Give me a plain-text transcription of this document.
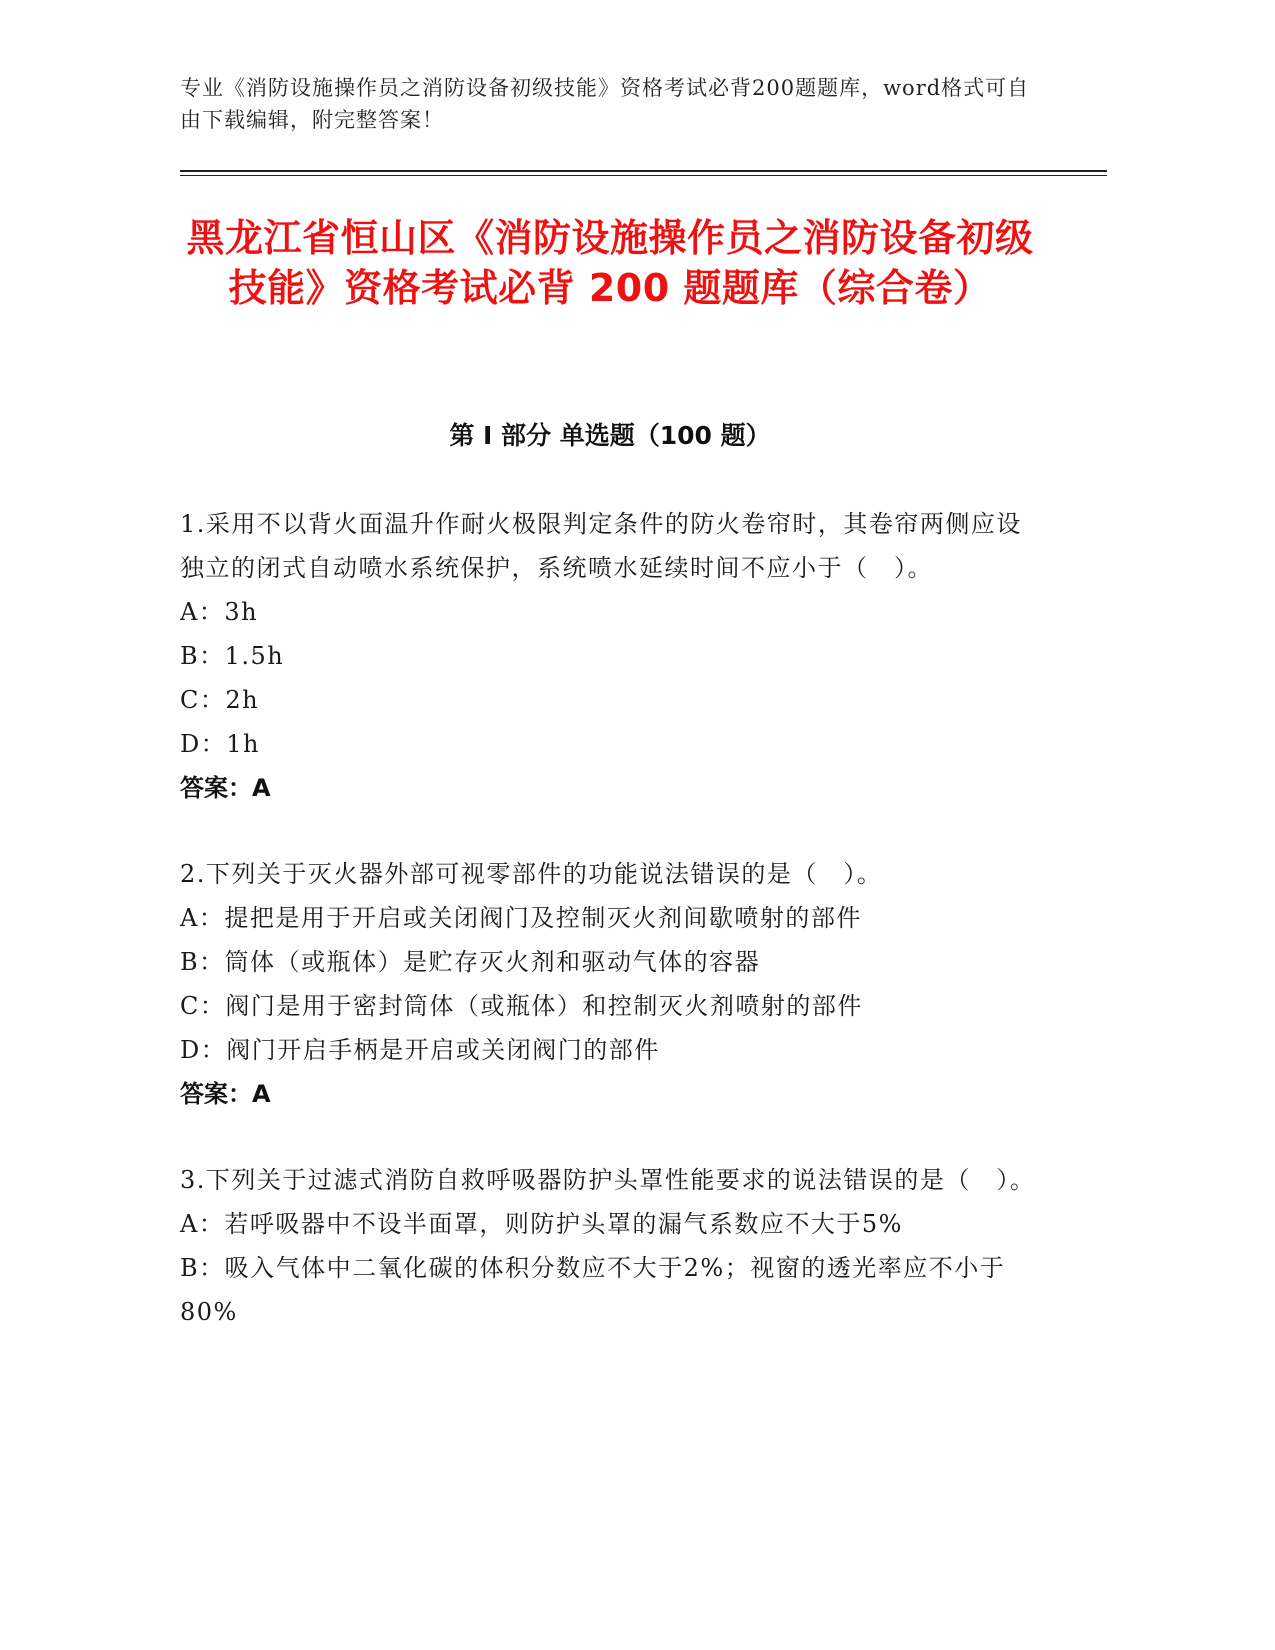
专业《消防设施操作员之消防设备初级技能》资格考试必背200题题库，word格式可自由下载编辑，附完整答案！
黑龙江省恒山区《消防设施操作员之消防设备初级技能》资格考试必背 200 题题库（综合卷）
第 I 部分 单选题（100 题）
1.采用不以背火面温升作耐火极限判定条件的防火卷帘时，其卷帘两侧应设独立的闭式自动喷水系统保护，系统喷水延续时间不应小于（　）。
A：3h
B：1.5h
C：2h
D：1h
答案：A
2.下列关于灭火器外部可视零部件的功能说法错误的是（　）。
A：提把是用于开启或关闭阀门及控制灭火剂间歇喷射的部件
B：筒体（或瓶体）是贮存灭火剂和驱动气体的容器
C：阀门是用于密封筒体（或瓶体）和控制灭火剂喷射的部件
D：阀门开启手柄是开启或关闭阀门的部件
答案：A
3.下列关于过滤式消防自救呼吸器防护头罩性能要求的说法错误的是（　）。
A：若呼吸器中不设半面罩，则防护头罩的漏气系数应不大于5%
B：吸入气体中二氧化碳的体积分数应不大于2%；视窗的透光率应不小于80%
